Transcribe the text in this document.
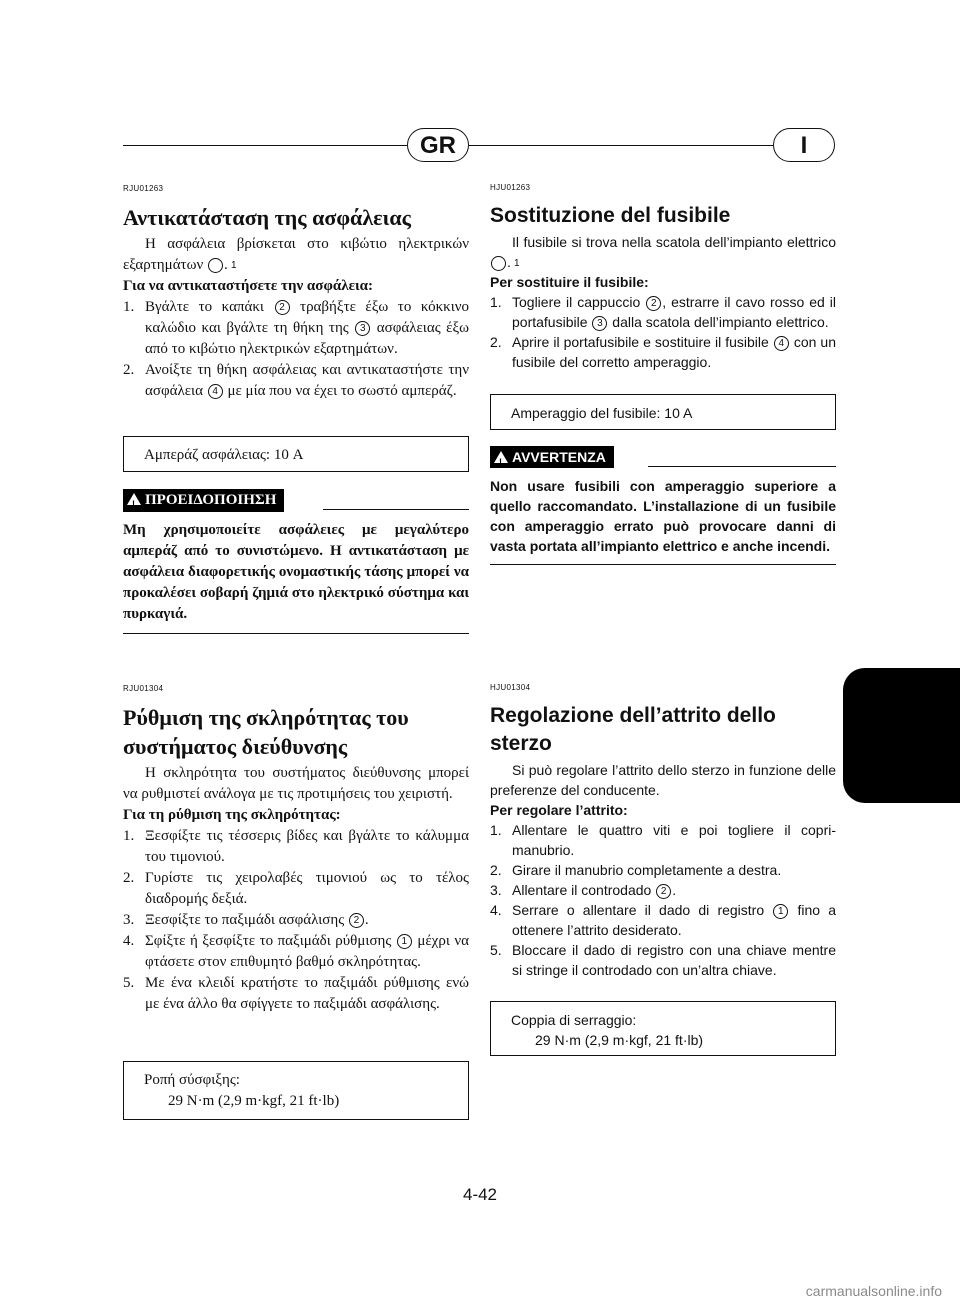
GR	I
RJU01263
Αντικατάσταση της ασφάλειας
Η ασφάλεια βρίσκεται στο κιβώτιο ηλεκτρικών εξαρτημάτων	1.
Για να αντικαταστήσετε την ασφάλεια:
1. Βγάλτε το καπάκι 2 τραβήξτε έξω το κόκκινο καλώδιο και βγάλτε τη θήκη της 3 ασφάλειας έξω από το κιβώτιο ηλεκτρικών εξαρτημάτων.
2. Ανοίξτε τη θήκη ασφάλειας και αντικαταστήστε την ασφάλεια 4 με μία που να έχει το σωστό αμπεράζ.
Αμπεράζ ασφάλειας: 10 A
!ΠΡΟΕΙΔΟΠΟΙΗΣΗ
Μη χρησιμοποιείτε ασφάλειες με μεγαλύτερο αμπεράζ από το συνιστώμενο. Η αντικατάσταση με ασφάλεια διαφορετικής ονομαστικής τάσης μπορεί να προκαλέσει σοβαρή ζημιά στο ηλεκτρικό σύστημα και πυρκαγιά.
HJU01263
Sostituzione del fusibile
Il fusibile si trova nella scatola dell’impianto elettrico 1.
Per sostituire il fusibile:
1. Togliere il cappuccio 2 , estrarre il cavo rosso ed il portafusibile 3 dalla scatola dell’impianto elettrico.
2. Aprire il portafusibile e sostituire il fusibile 4 con un fusibile del corretto amperaggio.
Amperaggio del fusibile: 10 A
!AVVERTENZA
Non usare fusibili con amperaggio superiore a quello raccomandato. L’installazione di un fusibile con amperaggio errato può provocare danni di vasta portata all’impianto elettrico e anche incendi.
RJU01304
Ρύθμιση της σκληρότητας του
συστήματος διεύθυνσης
Η σκληρότητα του συστήματος διεύθυνσης μπορεί να ρυθμιστεί ανάλογα με τις προτιμήσεις του χειριστή.
Για τη ρύθμιση της σκληρότητας:
1. Ξεσφίξτε τις τέσσερις βίδες και βγάλτε το κάλυμμα του τιμονιού.
2. Γυρίστε τις χειρολαβές τιμονιού ως το τέλος διαδρομής δεξιά.
3. Ξεσφίξτε το παξιμάδι ασφάλισης 2 .
4. Σφίξτε ή ξεσφίξτε το παξιμάδι ρύθμισης 1 μέχρι να φτάσετε στον επιθυμητό βαθμό σκληρότητας.
5. Με ένα κλειδί κρατήστε το παξιμάδι ρύθμισης ενώ με ένα άλλο θα σφίγγετε το παξιμάδι ασφάλισης.
Ροπή σύσφιξης:
29 N·m (2,9 m·kgf, 21 ft·lb)
HJU01304
Regolazione dell’attrito dello
sterzo
Si può regolare l’attrito dello sterzo in funzione delle preferenze del conducente.
Per regolare l’attrito:
1. Allentare le quattro viti e poi togliere il copri-manubrio.
2. Girare il manubrio completamente a destra.
3. Allentare il controdado 2 .
4. Serrare o allentare il dado di registro 1 fino a ottenere l’attrito desiderato.
5. Bloccare il dado di registro con una chiave mentre si stringe il controdado con un’altra chiave.
Coppia di serraggio:
29 N·m (2,9 m·kgf, 21 ft·lb)
4-42
carmanualsonline.info
